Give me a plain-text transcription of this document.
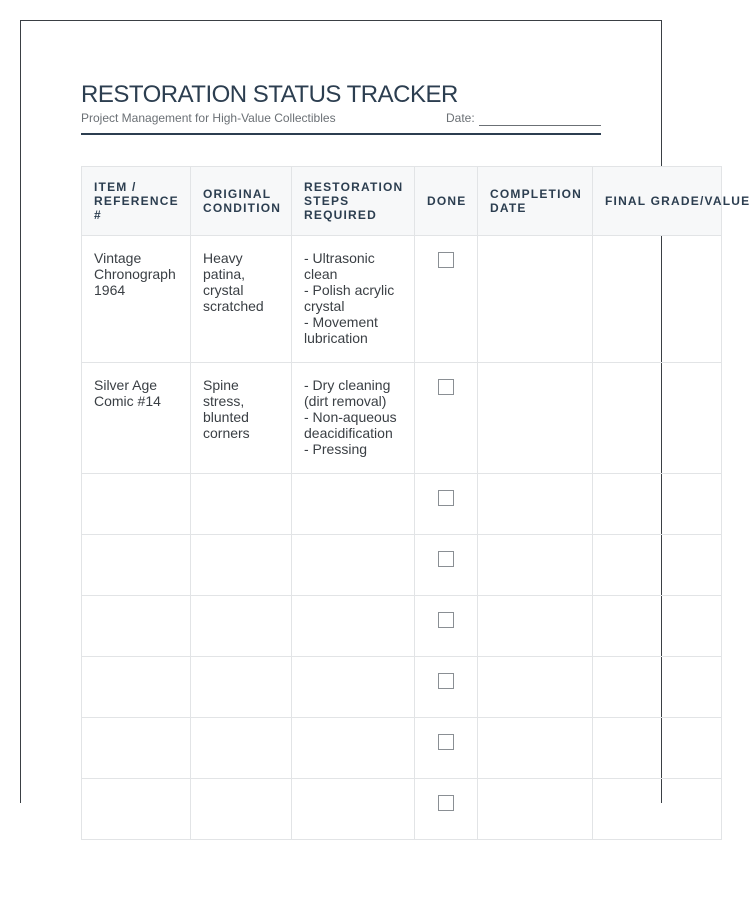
RESTORATION STATUS TRACKER
Project Management for High-Value Collectibles	Date:
ITEM / REFERENCE #	ORIGINAL CONDITION	RESTORATION STEPS REQUIRED	DONE	COMPLETION DATE	FINAL GRADE/VALUE
Vintage Chronograph 1964	Heavy patina, crystal scratched	- Ultrasonic clean
- Polish acrylic crystal
- Movement lubrication			

Silver Age Comic #14	Spine stress, blunted corners	- Dry cleaning (dirt removal)
- Non-aqueous deacidification
- Pressing			
